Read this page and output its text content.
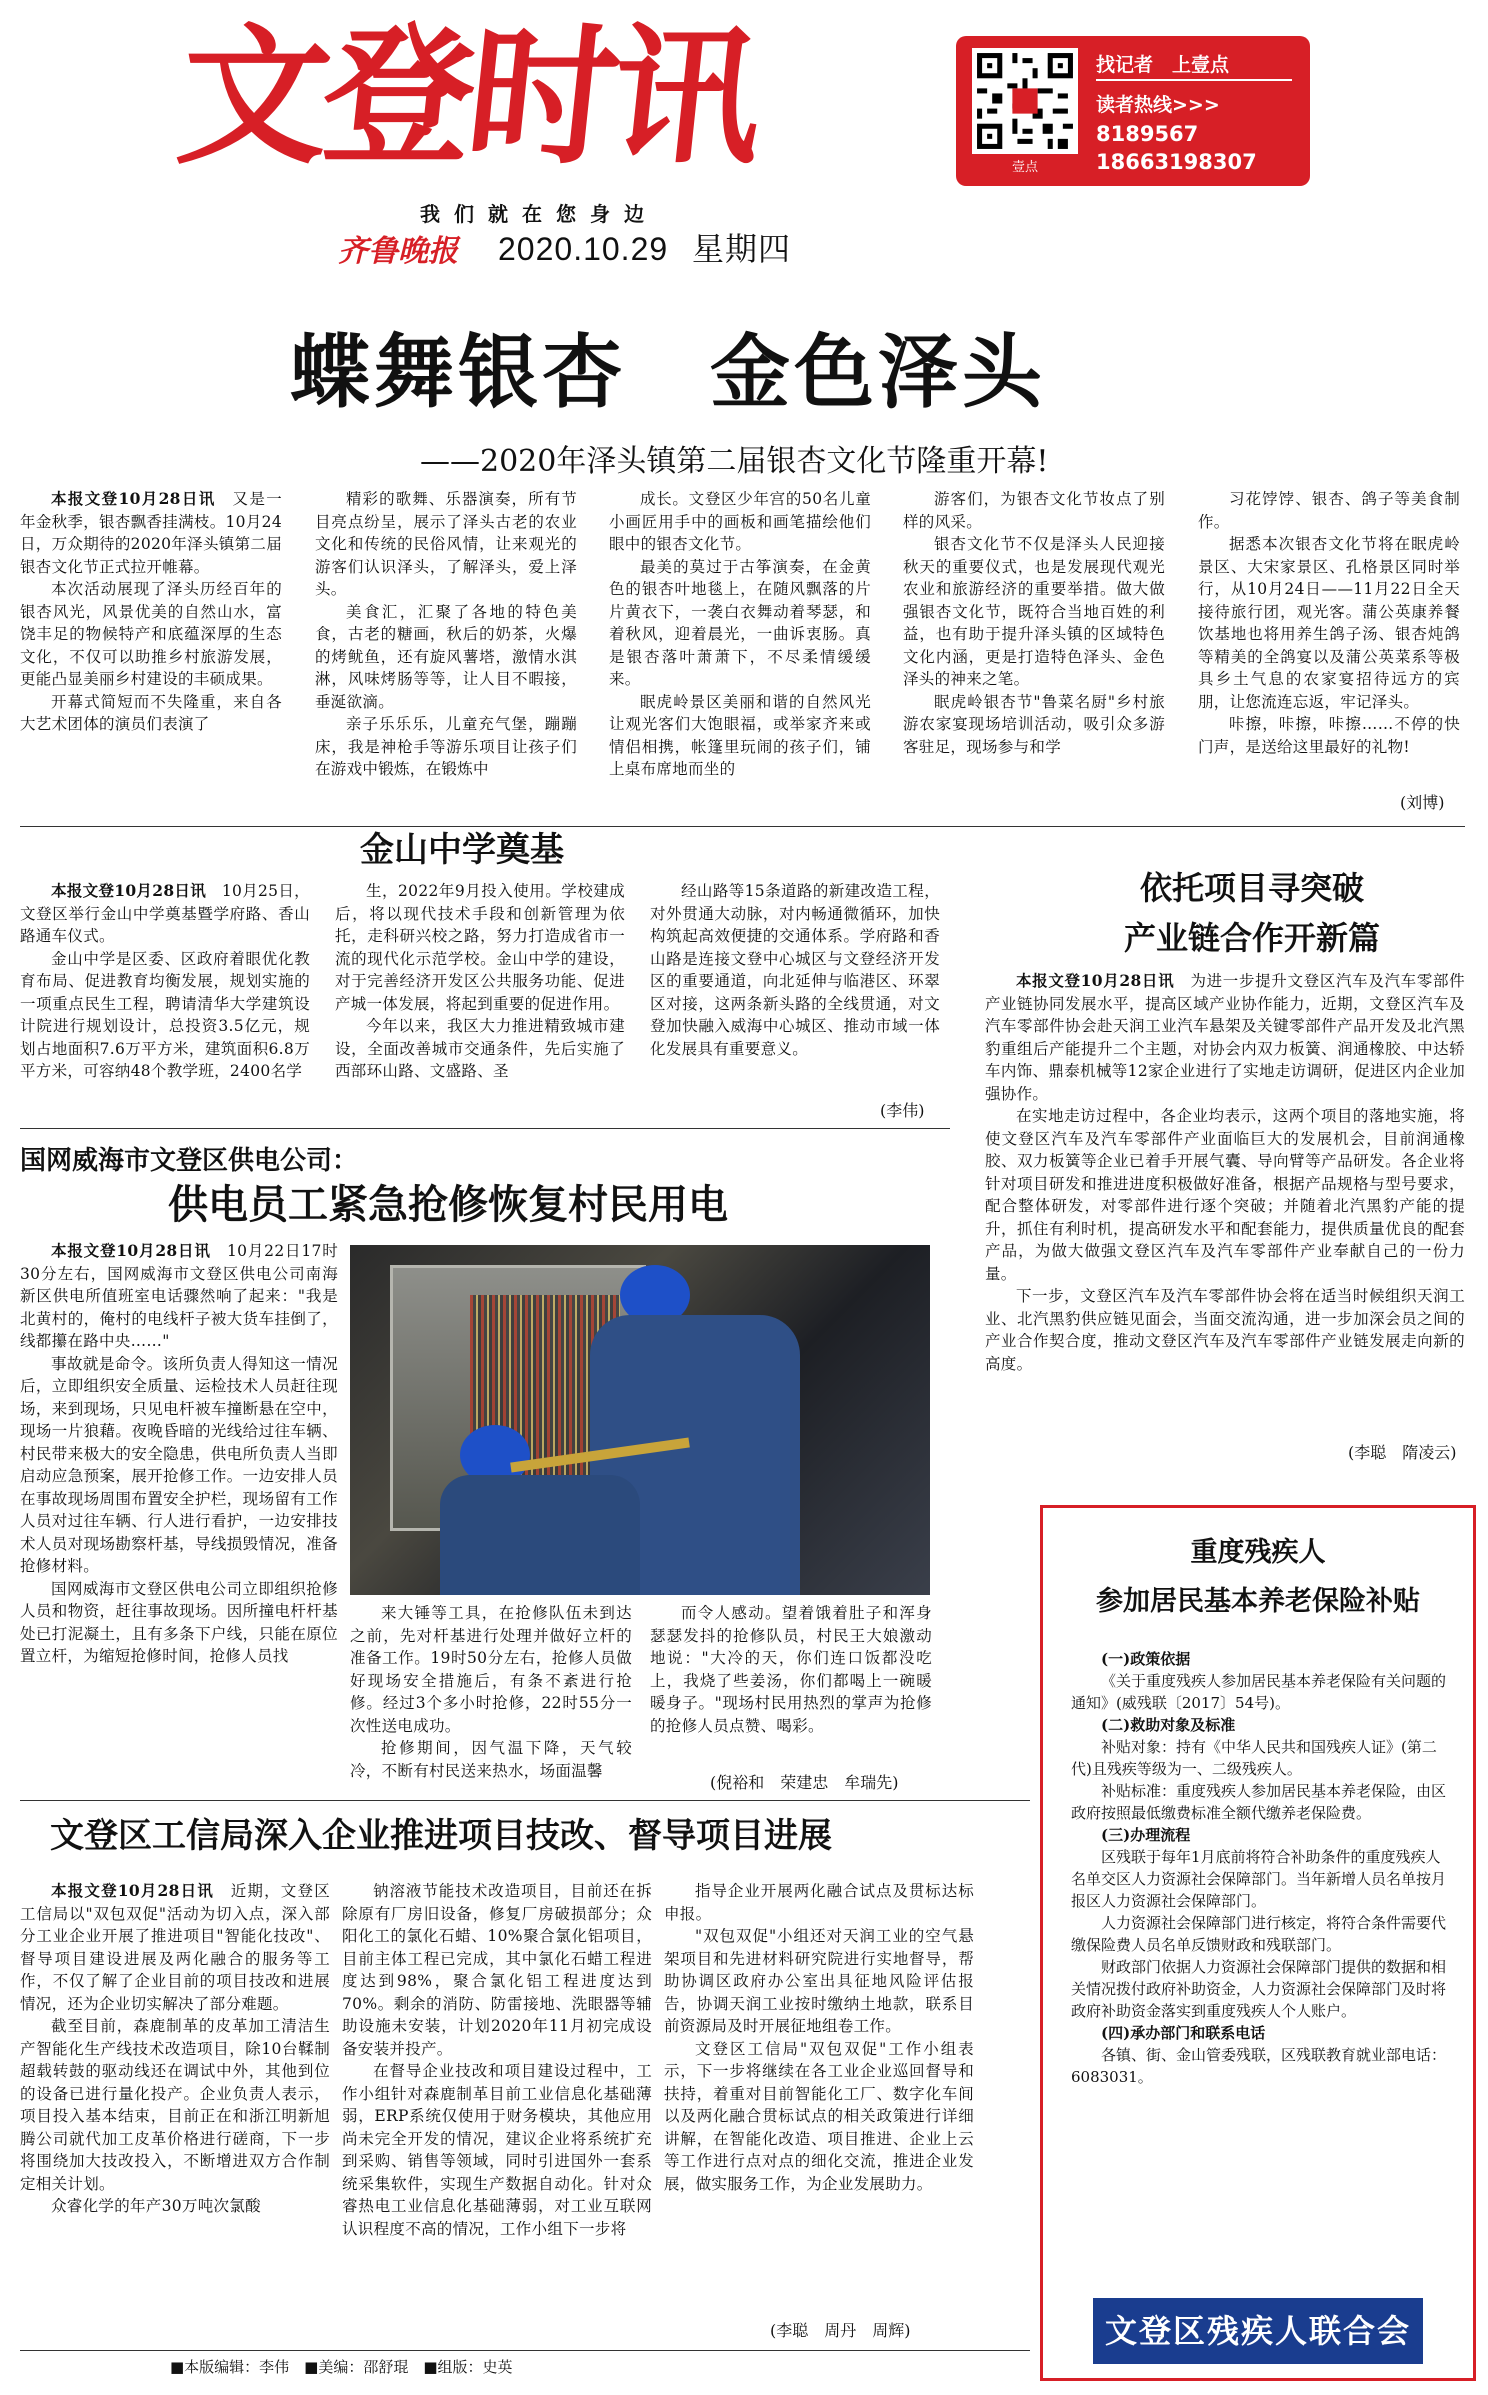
文登时讯
我们就在您身边
齐鲁晚报 2020.10.29 星期四
壹点
找记者　上壹点
读者热线>>>
8189567
18663198307
蝶舞银杏　金色泽头
——2020年泽头镇第二届银杏文化节隆重开幕!

本报文登10月28日讯　又是一年金秋季，银杏飘香挂满枝。10月24日，万众期待的2020年泽头镇第二届银杏文化节正式拉开帷幕。

本次活动展现了泽头历经百年的银杏风光，风景优美的自然山水，富饶丰足的物候特产和底蕴深厚的生态文化，不仅可以助推乡村旅游发展，更能凸显美丽乡村建设的丰硕成果。

开幕式简短而不失隆重，来自各大艺术团体的演员们表演了

精彩的歌舞、乐器演奏，所有节目亮点纷呈，展示了泽头古老的农业文化和传统的民俗风情，让来观光的游客们认识泽头，了解泽头，爱上泽头。

美食汇，汇聚了各地的特色美食，古老的糖画，秋后的奶茶，火爆的烤鱿鱼，还有旋风薯塔，激情水淇淋，风味烤肠等等，让人目不暇接，垂涎欲滴。

亲子乐乐乐，儿童充气堡，蹦蹦床，我是神枪手等游乐项目让孩子们在游戏中锻炼，在锻炼中

成长。文登区少年宫的50名儿童小画匠用手中的画板和画笔描绘他们眼中的银杏文化节。

最美的莫过于古筝演奏，在金黄色的银杏叶地毯上，在随风飘落的片片黄衣下，一袭白衣舞动着琴瑟，和着秋风，迎着晨光，一曲诉衷肠。真是银杏落叶萧萧下，不尽柔情缓缓来。

眠虎岭景区美丽和谐的自然风光让观光客们大饱眼福，或举家齐来或情侣相携，帐篷里玩闹的孩子们，铺上桌布席地而坐的

游客们，为银杏文化节妆点了别样的风采。

银杏文化节不仅是泽头人民迎接秋天的重要仪式，也是发展现代观光农业和旅游经济的重要举措。做大做强银杏文化节，既符合当地百姓的利益，也有助于提升泽头镇的区域特色文化内涵，更是打造特色泽头、金色泽头的神来之笔。

眠虎岭银杏节"鲁菜名厨"乡村旅游农家宴现场培训活动，吸引众多游客驻足，现场参与和学

习花饽饽、银杏、鸽子等美食制作。

据悉本次银杏文化节将在眠虎岭景区、大宋家景区、孔格景区同时举行，从10月24日——11月22日全天接待旅行团，观光客。蒲公英康养餐饮基地也将用养生鸽子汤、银杏炖鸽等精美的全鸽宴以及蒲公英菜系等极具乡土气息的农家宴招待远方的宾朋，让您流连忘返，牢记泽头。

咔擦，咔擦，咔擦……不停的快门声，是送给这里最好的礼物!

(刘博)
金山中学奠基

本报文登10月28日讯　10月25日，文登区举行金山中学奠基暨学府路、香山路通车仪式。

金山中学是区委、区政府着眼优化教育布局、促进教育均衡发展，规划实施的一项重点民生工程，聘请清华大学建筑设计院进行规划设计，总投资3.5亿元，规划占地面积7.6万平方米，建筑面积6.8万平方米，可容纳48个教学班，2400名学

生，2022年9月投入使用。学校建成后，将以现代技术手段和创新管理为依托，走科研兴校之路，努力打造成省市一流的现代化示范学校。金山中学的建设，对于完善经济开发区公共服务功能、促进产城一体发展，将起到重要的促进作用。

今年以来，我区大力推进精致城市建设，全面改善城市交通条件，先后实施了西部环山路、文盛路、圣

经山路等15条道路的新建改造工程，对外贯通大动脉，对内畅通微循环，加快构筑起高效便捷的交通体系。学府路和香山路是连接文登中心城区与文登经济开发区的重要通道，向北延伸与临港区、环翠区对接，这两条新头路的全线贯通，对文登加快融入威海中心城区、推动市域一体化发展具有重要意义。

(李伟)
依托项目寻突破
产业链合作开新篇

本报文登10月28日讯　为进一步提升文登区汽车及汽车零部件产业链协同发展水平，提高区域产业协作能力，近期，文登区汽车及汽车零部件协会赴天润工业汽车悬架及关键零部件产品开发及北汽黑豹重组后产能提升二个主题，对协会内双力板簧、润通橡胶、中达轿车内饰、鼎泰机械等12家企业进行了实地走访调研，促进区内企业加强协作。

在实地走访过程中，各企业均表示，这两个项目的落地实施，将使文登区汽车及汽车零部件产业面临巨大的发展机会，目前润通橡胶、双力板簧等企业已着手开展气囊、导向臂等产品研发。各企业将针对项目研发和推进进度积极做好准备，根据产品规格与型号要求，配合整体研发，对零部件进行逐个突破；并随着北汽黑豹产能的提升，抓住有利时机，提高研发水平和配套能力，提供质量优良的配套产品，为做大做强文登区汽车及汽车零部件产业奉献自己的一份力量。

下一步，文登区汽车及汽车零部件协会将在适当时候组织天润工业、北汽黑豹供应链见面会，当面交流沟通，进一步加深会员之间的产业合作契合度，推动文登区汽车及汽车零部件产业链发展走向新的高度。

(李聪　隋凌云)
国网威海市文登区供电公司：
供电员工紧急抢修恢复村民用电

本报文登10月28日讯　10月22日17时30分左右，国网威海市文登区供电公司南海新区供电所值班室电话骤然响了起来："我是北黄村的，俺村的电线杆子被大货车挂倒了，线都攥在路中央……"

事故就是命令。该所负责人得知这一情况后，立即组织安全质量、运检技术人员赶往现场，来到现场，只见电杆被车撞断悬在空中，现场一片狼藉。夜晚昏暗的光线给过往车辆、村民带来极大的安全隐患，供电所负责人当即启动应急预案，展开抢修工作。一边安排人员在事故现场周围布置安全护栏，现场留有工作人员对过往车辆、行人进行看护，一边安排技术人员对现场勘察杆基，导线损毁情况，准备抢修材料。

国网威海市文登区供电公司立即组织抢修人员和物资，赶往事故现场。因所撞电杆杆基处已打泥凝土，且有多条下户线，只能在原位置立杆，为缩短抢修时间，抢修人员找

来大锤等工具，在抢修队伍未到达之前，先对杆基进行处理并做好立杆的准备工作。19时50分左右，抢修人员做好现场安全措施后，有条不紊进行抢修。经过3个多小时抢修，22时55分一次性送电成功。

抢修期间，因气温下降，天气较冷，不断有村民送来热水，场面温馨

而令人感动。望着饿着肚子和浑身瑟瑟发抖的抢修队员，村民王大娘激动地说："大冷的天，你们连口饭都没吃上，我烧了些姜汤，你们都喝上一碗暖暖身子。"现场村民用热烈的掌声为抢修的抢修人员点赞、喝彩。

(倪裕和　荣建忠　牟瑞先)
文登区工信局深入企业推进项目技改、督导项目进展

本报文登10月28日讯　近期，文登区工信局以"双包双促"活动为切入点，深入部分工业企业开展了推进项目"智能化技改"、督导项目建设进展及两化融合的服务等工作，不仅了解了企业目前的项目技改和进展情况，还为企业切实解决了部分难题。

截至目前，森鹿制革的皮革加工清洁生产智能化生产线技术改造项目，除10台鞣制超载转鼓的驱动线还在调试中外，其他到位的设备已进行量化投产。企业负责人表示，项目投入基本结束，目前正在和浙江明新旭腾公司就代加工皮革价格进行磋商，下一步将围绕加大技改投入，不断增进双方合作制定相关计划。

众睿化学的年产30万吨次氯酸

钠溶液节能技术改造项目，目前还在拆除原有厂房旧设备，修复厂房破损部分；众阳化工的氯化石蜡、10%聚合氯化铝项目，目前主体工程已完成，其中氯化石蜡工程进度达到98%，聚合氯化铝工程进度达到70%。剩余的消防、防雷接地、洗眼器等辅助设施未安装，计划2020年11月初完成设备安装并投产。

在督导企业技改和项目建设过程中，工作小组针对森鹿制革目前工业信息化基础薄弱，ERP系统仅使用于财务模块，其他应用尚未完全开发的情况，建议企业将系统扩充到采购、销售等领域，同时引进国外一套系统采集软件，实现生产数据自动化。针对众睿热电工业信息化基础薄弱，对工业互联网认识程度不高的情况，工作小组下一步将

指导企业开展两化融合试点及贯标达标申报。

"双包双促"小组还对天润工业的空气悬架项目和先进材料研究院进行实地督导，帮助协调区政府办公室出具征地风险评估报告，协调天润工业按时缴纳土地款，联系目前资源局及时开展征地组卷工作。

文登区工信局"双包双促"工作小组表示，下一步将继续在各工业企业巡回督导和扶持，着重对目前智能化工厂、数字化车间以及两化融合贯标试点的相关政策进行详细讲解，在智能化改造、项目推进、企业上云等工作进行点对点的细化交流，推进企业发展，做实服务工作，为企业发展助力。

(李聪　周丹　周辉)
重度残疾人
参加居民基本养老保险补贴

(一)政策依据

《关于重度残疾人参加居民基本养老保险有关问题的通知》(威残联〔2017〕54号)。

(二)救助对象及标准

补贴对象：持有《中华人民共和国残疾人证》(第二代)且残疾等级为一、二级残疾人。

补贴标准：重度残疾人参加居民基本养老保险，由区政府按照最低缴费标准全额代缴养老保险费。

(三)办理流程

区残联于每年1月底前将符合补助条件的重度残疾人名单交区人力资源社会保障部门。当年新增人员名单按月报区人力资源社会保障部门。

人力资源社会保障部门进行核定，将符合条件需要代缴保险费人员名单反馈财政和残联部门。

财政部门依据人力资源社会保障部门提供的数据和相关情况拨付政府补助资金，人力资源社会保障部门及时将政府补助资金落实到重度残疾人个人账户。

(四)承办部门和联系电话

各镇、街、金山管委残联，区残联教育就业部电话：6083031。

文登区残疾人联合会
■本版编辑：李伟　■美编：邵舒琨　■组版：史英
